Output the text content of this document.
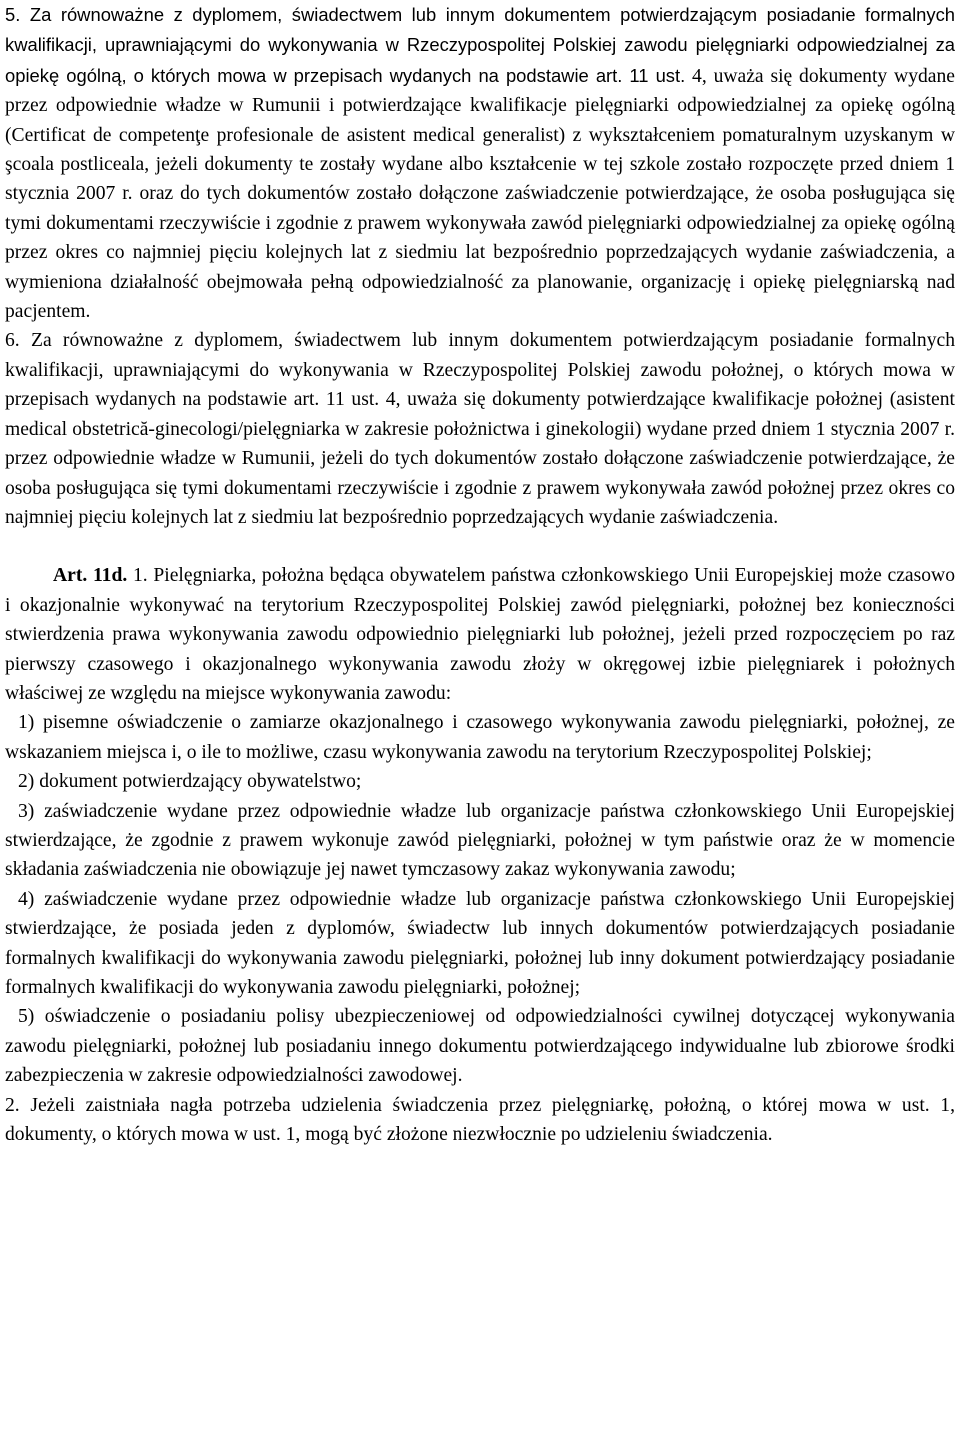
5. Za równoważne z dyplomem, świadectwem lub innym dokumentem potwierdzającym posiadanie formalnych kwalifikacji, uprawniającymi do wykonywania w Rzeczypospolitej Polskiej zawodu pielęgniarki odpowiedzialnej za opiekę ogólną, o których mowa w przepisach wydanych na podstawie art. 11 ust. 4, uważa się dokumenty wydane przez odpowiednie władze w Rumunii i potwierdzające kwalifikacje pielęgniarki odpowiedzialnej za opiekę ogólną (Certificat de competenţe profesionale de asistent medical generalist) z wykształceniem pomaturalnym uzyskanym w şcoala postliceala, jeżeli dokumenty te zostały wydane albo kształcenie w tej szkole zostało rozpoczęte przed dniem 1 stycznia 2007 r. oraz do tych dokumentów zostało dołączone zaświadczenie potwierdzające, że osoba posługująca się tymi dokumentami rzeczywiście i zgodnie z prawem wykonywała zawód pielęgniarki odpowiedzialnej za opiekę ogólną przez okres co najmniej pięciu kolejnych lat z siedmiu lat bezpośrednio poprzedzających wydanie zaświadczenia, a wymieniona działalność obejmowała pełną odpowiedzialność za planowanie, organizację i opiekę pielęgniarską nad pacjentem.

6. Za równoważne z dyplomem, świadectwem lub innym dokumentem potwierdzającym posiadanie formalnych kwalifikacji, uprawniającymi do wykonywania w Rzeczypospolitej Polskiej zawodu położnej, o których mowa w przepisach wydanych na podstawie art. 11 ust. 4, uważa się dokumenty potwierdzające kwalifikacje położnej (asistent medical obstetrică-ginecologi/pielęgniarka w zakresie położnictwa i ginekologii) wydane przed dniem 1 stycznia 2007 r. przez odpowiednie władze w Rumunii, jeżeli do tych dokumentów zostało dołączone zaświadczenie potwierdzające, że osoba posługująca się tymi dokumentami rzeczywiście i zgodnie z prawem wykonywała zawód położnej przez okres co najmniej pięciu kolejnych lat z siedmiu lat bezpośrednio poprzedzających wydanie zaświadczenia.

Art. 11d. 1. Pielęgniarka, położna będąca obywatelem państwa członkowskiego Unii Europejskiej może czasowo i okazjonalnie wykonywać na terytorium Rzeczypospolitej Polskiej zawód pielęgniarki, położnej bez konieczności stwierdzenia prawa wykonywania zawodu odpowiednio pielęgniarki lub położnej, jeżeli przed rozpoczęciem po raz pierwszy czasowego i okazjonalnego wykonywania zawodu złoży w okręgowej izbie pielęgniarek i położnych właściwej ze względu na miejsce wykonywania zawodu:

1) pisemne oświadczenie o zamiarze okazjonalnego i czasowego wykonywania zawodu pielęgniarki, położnej, ze wskazaniem miejsca i, o ile to możliwe, czasu wykonywania zawodu na terytorium Rzeczypospolitej Polskiej;

2) dokument potwierdzający obywatelstwo;

3) zaświadczenie wydane przez odpowiednie władze lub organizacje państwa członkowskiego Unii Europejskiej stwierdzające, że zgodnie z prawem wykonuje zawód pielęgniarki, położnej w tym państwie oraz że w momencie składania zaświadczenia nie obowiązuje jej nawet tymczasowy zakaz wykonywania zawodu;

4) zaświadczenie wydane przez odpowiednie władze lub organizacje państwa członkowskiego Unii Europejskiej stwierdzające, że posiada jeden z dyplomów, świadectw lub innych dokumentów potwierdzających posiadanie formalnych kwalifikacji do wykonywania zawodu pielęgniarki, położnej lub inny dokument potwierdzający posiadanie formalnych kwalifikacji do wykonywania zawodu pielęgniarki, położnej;

5) oświadczenie o posiadaniu polisy ubezpieczeniowej od odpowiedzialności cywilnej dotyczącej wykonywania zawodu pielęgniarki, położnej lub posiadaniu innego dokumentu potwierdzającego indywidualne lub zbiorowe środki zabezpieczenia w zakresie odpowiedzialności zawodowej.

2. Jeżeli zaistniała nagła potrzeba udzielenia świadczenia przez pielęgniarkę, położną, o której mowa w ust. 1, dokumenty, o których mowa w ust. 1, mogą być złożone niezwłocznie po udzieleniu świadczenia.
